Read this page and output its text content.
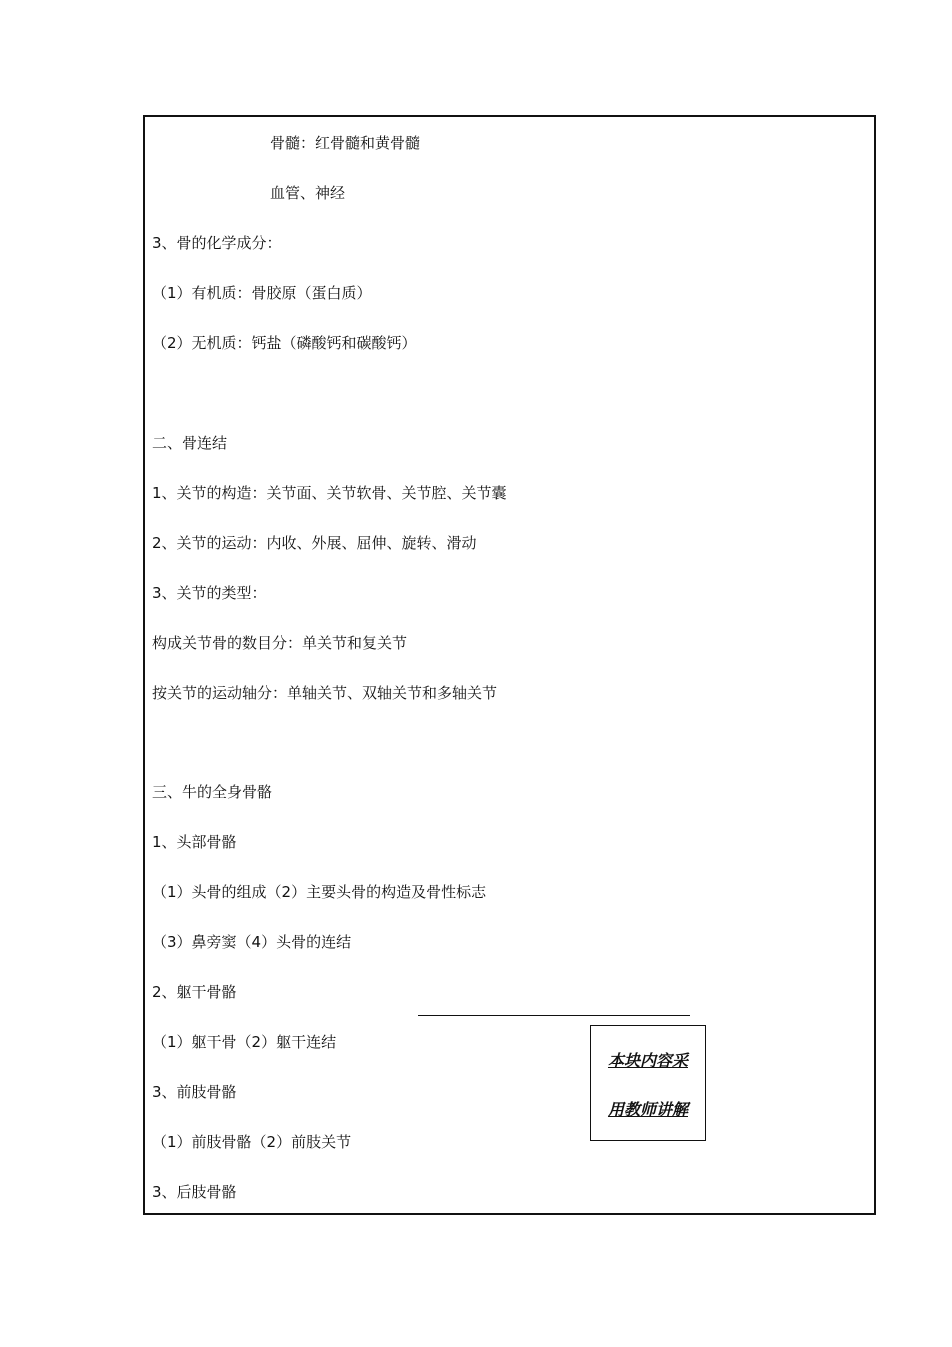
骨髓：红骨髓和黄骨髓
血管、神经
3、骨的化学成分：
（1）有机质：骨胶原（蛋白质）
（2）无机质：钙盐（磷酸钙和碳酸钙）
二、骨连结
1、关节的构造：关节面、关节软骨、关节腔、关节囊
2、关节的运动：内收、外展、屈伸、旋转、滑动
3、关节的类型：
构成关节骨的数目分：单关节和复关节
按关节的运动轴分：单轴关节、双轴关节和多轴关节
三、牛的全身骨骼
1、头部骨骼
（1）头骨的组成（2）主要头骨的构造及骨性标志
（3）鼻旁窦（4）头骨的连结
2、躯干骨骼
（1）躯干骨（2）躯干连结
3、前肢骨骼
（1）前肢骨骼（2）前肢关节
3、后肢骨骼
本块内容采
用教师讲解
